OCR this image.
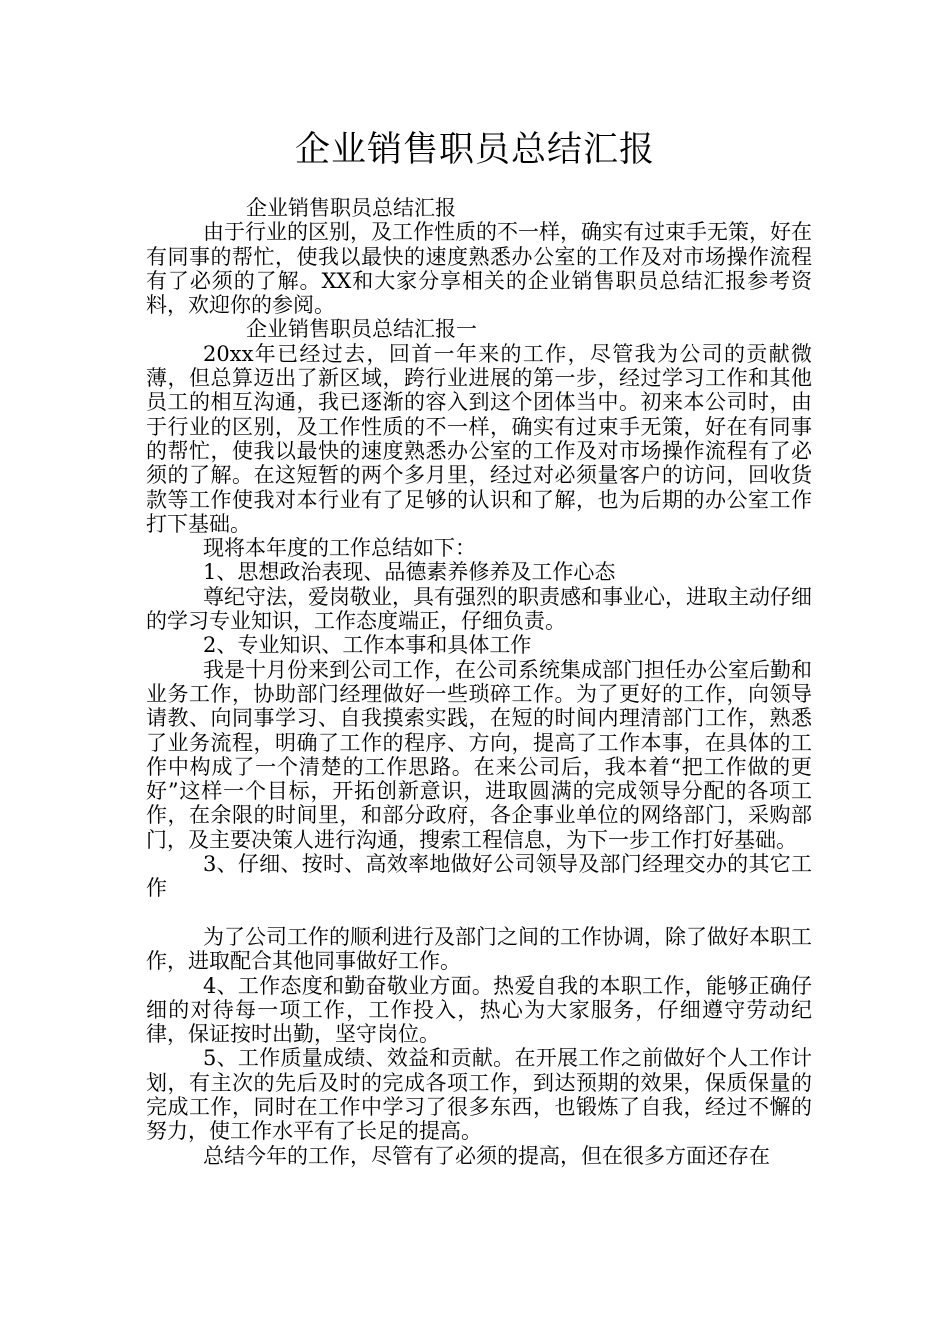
企业销售职员总结汇报

企业销售职员总结汇报

由于行业的区别，及工作性质的不一样，确实有过束手无策，好在有同事的帮忙，使我以最快的速度熟悉办公室的工作及对市场操作流程有了必须的了解。XX和大家分享相关的企业销售职员总结汇报参考资料，欢迎你的参阅。

企业销售职员总结汇报一

20xx年已经过去，回首一年来的工作，尽管我为公司的贡献微薄，但总算迈出了新区域，跨行业进展的第一步，经过学习工作和其他员工的相互沟通，我已逐渐的容入到这个团体当中。初来本公司时，由于行业的区别，及工作性质的不一样，确实有过束手无策，好在有同事的帮忙，使我以最快的速度熟悉办公室的工作及对市场操作流程有了必须的了解。在这短暂的两个多月里，经过对必须量客户的访问，回收货款等工作使我对本行业有了足够的认识和了解，也为后期的办公室工作打下基础。

现将本年度的工作总结如下：

1、思想政治表现、品德素养修养及工作心态

尊纪守法，爱岗敬业，具有强烈的职责感和事业心，进取主动仔细的学习专业知识，工作态度端正，仔细负责。

2、专业知识、工作本事和具体工作

我是十月份来到公司工作，在公司系统集成部门担任办公室后勤和业务工作，协助部门经理做好一些琐碎工作。为了更好的工作，向领导请教、向同事学习、自我摸索实践，在短的时间内理清部门工作，熟悉了业务流程，明确了工作的程序、方向，提高了工作本事，在具体的工作中构成了一个清楚的工作思路。在来公司后，我本着“把工作做的更好”这样一个目标，开拓创新意识，进取圆满的完成领导分配的各项工作，在余限的时间里，和部分政府，各企事业单位的网络部门，采购部门，及主要决策人进行沟通，搜索工程信息，为下一步工作打好基础。

3、仔细、按时、高效率地做好公司领导及部门经理交办的其它工作

为了公司工作的顺利进行及部门之间的工作协调，除了做好本职工作，进取配合其他同事做好工作。

4、工作态度和勤奋敬业方面。热爱自我的本职工作，能够正确仔细的对待每一项工作，工作投入，热心为大家服务，仔细遵守劳动纪律，保证按时出勤，坚守岗位。

5、工作质量成绩、效益和贡献。在开展工作之前做好个人工作计划，有主次的先后及时的完成各项工作，到达预期的效果，保质保量的完成工作，同时在工作中学习了很多东西，也锻炼了自我，经过不懈的努力，使工作水平有了长足的提高。

总结今年的工作，尽管有了必须的提高，但在很多方面还存在
